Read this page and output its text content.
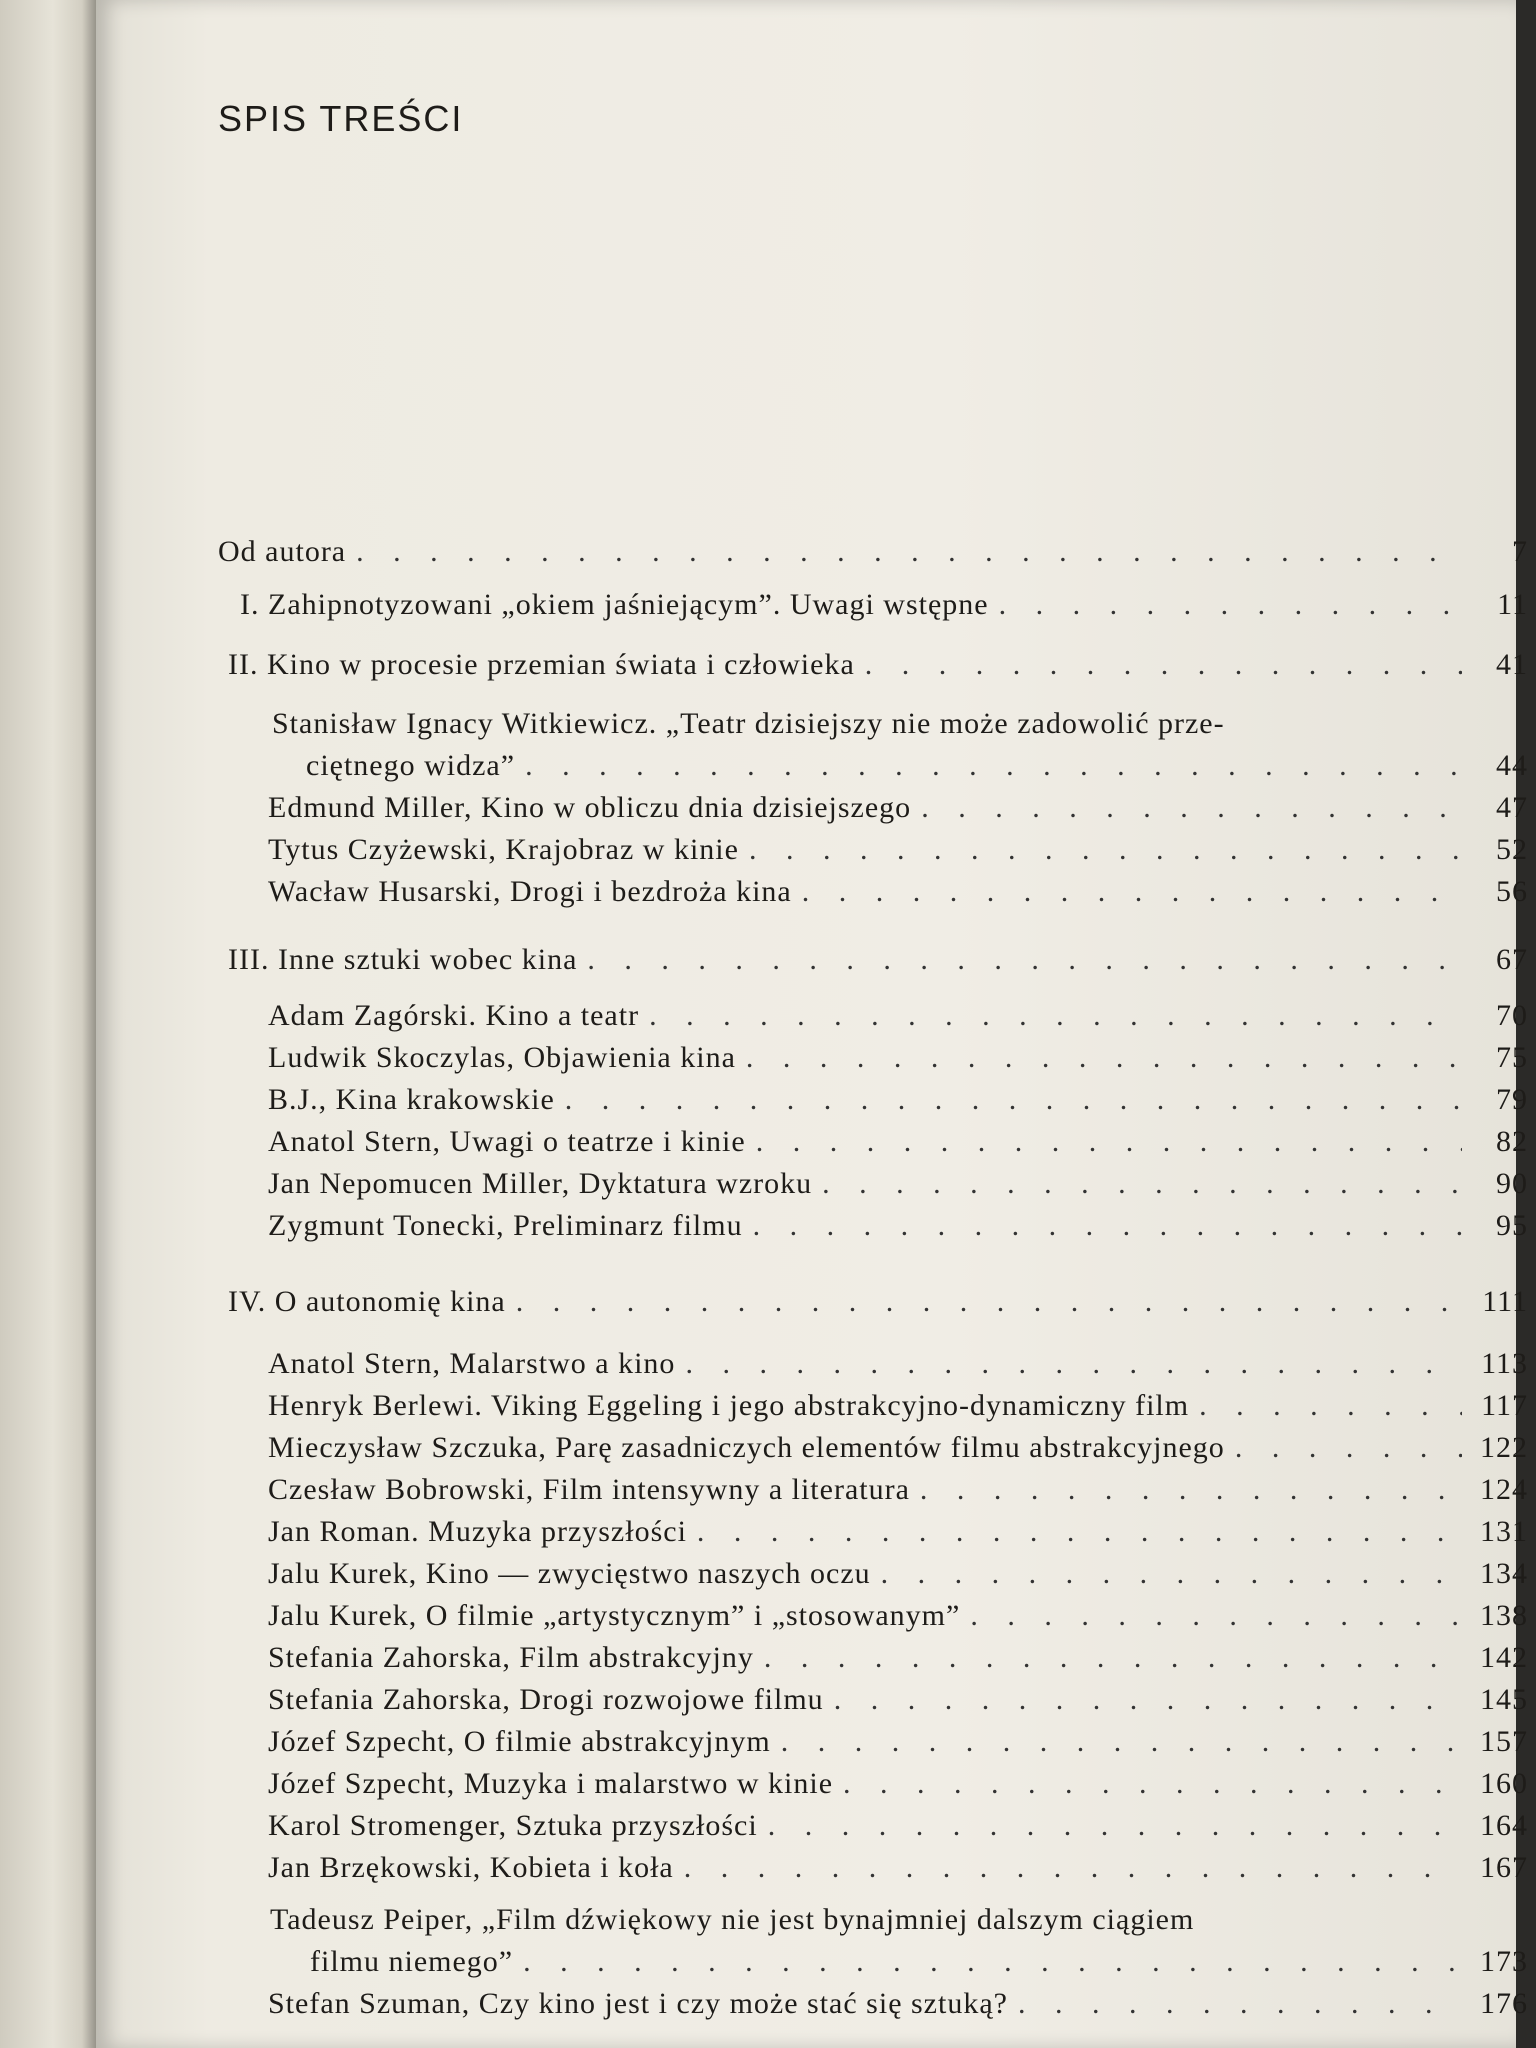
SPIS TREŚCI
Od autora . . .	7
I. Zahipnotyzowani „okiem jaśniejącym”. Uwagi wstępne . . .	11
II. Kino w procesie przemian świata i człowieka . . .	41
Stanisław Ignacy Witkiewicz. „Teatr dzisiejszy nie może zadowolić prze-
ciętnego widza” . . .	44
Edmund Miller, Kino w obliczu dnia dzisiejszego . . .	47
Tytus Czyżewski, Krajobraz w kinie . . .	52
Wacław Husarski, Drogi i bezdroża kina . . .	56
III. Inne sztuki wobec kina . . .	67
Adam Zagórski. Kino a teatr . . .	70
Ludwik Skoczylas, Objawienia kina . . .	75
B.J., Kina krakowskie . . .	79
Anatol Stern, Uwagi o teatrze i kinie . . .	82
Jan Nepomucen Miller, Dyktatura wzroku . . .	90
Zygmunt Tonecki, Preliminarz filmu . . .	95
IV. O autonomię kina . . .	111
Anatol Stern, Malarstwo a kino . . .	113
Henryk Berlewi. Viking Eggeling i jego abstrakcyjno-dynamiczny film . . .	117
Mieczysław Szczuka, Parę zasadniczych elementów filmu abstrakcyjnego . . .	122
Czesław Bobrowski, Film intensywny a literatura . . .	124
Jan Roman. Muzyka przyszłości . . .	131
Jalu Kurek, Kino — zwycięstwo naszych oczu . . .	134
Jalu Kurek, O filmie „artystycznym” i „stosowanym” . . .	138
Stefania Zahorska, Film abstrakcyjny . . .	142
Stefania Zahorska, Drogi rozwojowe filmu . . .	145
Józef Szpecht, O filmie abstrakcyjnym . . .	157
Józef Szpecht, Muzyka i malarstwo w kinie . . .	160
Karol Stromenger, Sztuka przyszłości . . .	164
Jan Brzękowski, Kobieta i koła . . .	167
Tadeusz Peiper, „Film dźwiękowy nie jest bynajmniej dalszym ciągiem
filmu niemego” . . .	173
Stefan Szuman, Czy kino jest i czy może stać się sztuką? . . .	176
